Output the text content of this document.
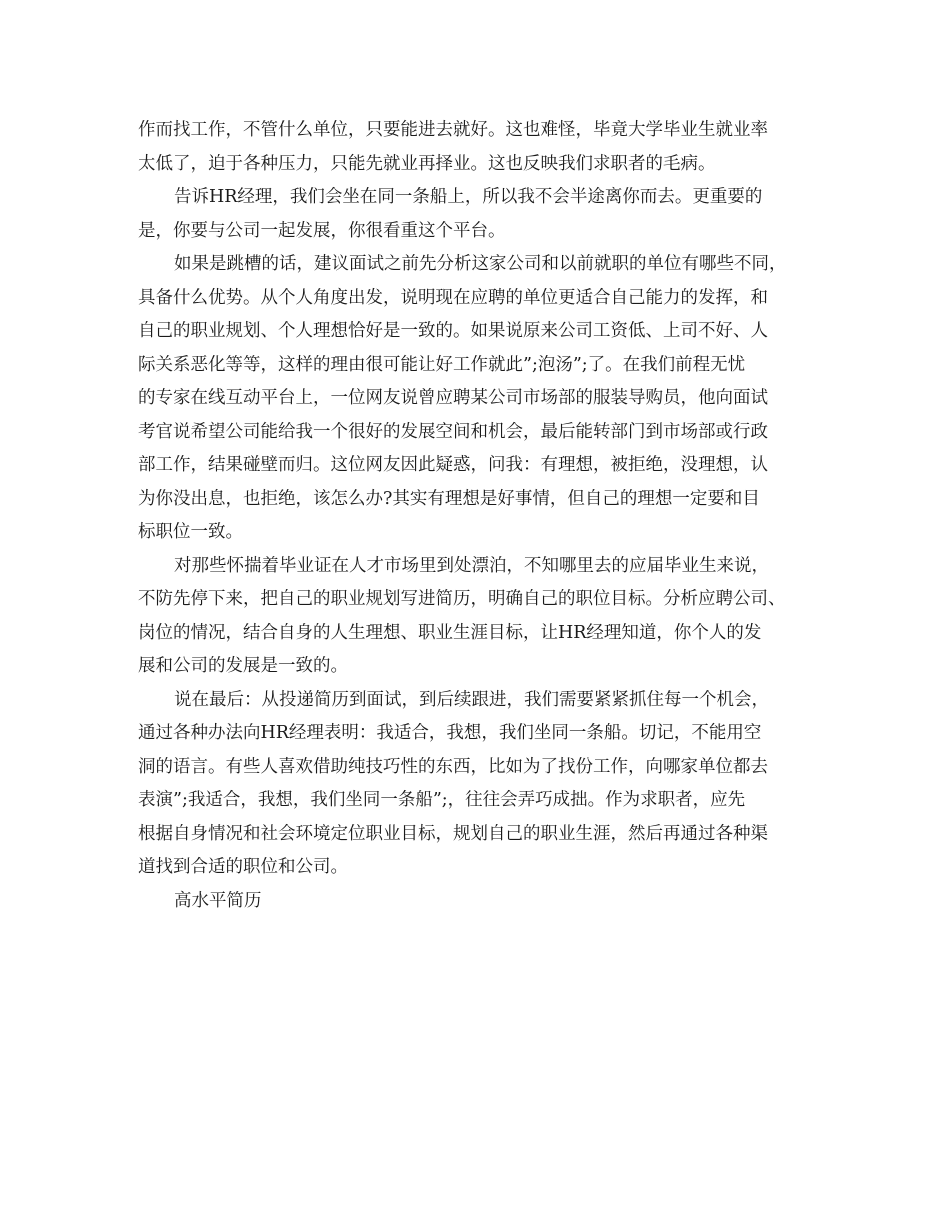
作而找工作，不管什么单位，只要能进去就好。这也难怪，毕竟大学毕业生就业率
太低了，迫于各种压力，只能先就业再择业。这也反映我们求职者的毛病。
告诉HR经理，我们会坐在同一条船上，所以我不会半途离你而去。更重要的
是，你要与公司一起发展，你很看重这个平台。
如果是跳槽的话，建议面试之前先分析这家公司和以前就职的单位有哪些不同，
具备什么优势。从个人角度出发，说明现在应聘的单位更适合自己能力的发挥，和
自己的职业规划、个人理想恰好是一致的。如果说原来公司工资低、上司不好、人
际关系恶化等等，这样的理由很可能让好工作就此”;泡汤”;了。在我们前程无忧
的专家在线互动平台上，一位网友说曾应聘某公司市场部的服装导购员，他向面试
考官说希望公司能给我一个很好的发展空间和机会，最后能转部门到市场部或行政
部工作，结果碰壁而归。这位网友因此疑惑，问我：有理想，被拒绝，没理想，认
为你没出息，也拒绝，该怎么办?其实有理想是好事情，但自己的理想一定要和目
标职位一致。
对那些怀揣着毕业证在人才市场里到处漂泊，不知哪里去的应届毕业生来说，
不防先停下来，把自己的职业规划写进简历，明确自己的职位目标。分析应聘公司、
岗位的情况，结合自身的人生理想、职业生涯目标，让HR经理知道，你个人的发
展和公司的发展是一致的。
说在最后：从投递简历到面试，到后续跟进，我们需要紧紧抓住每一个机会，
通过各种办法向HR经理表明：我适合，我想，我们坐同一条船。切记，不能用空
洞的语言。有些人喜欢借助纯技巧性的东西，比如为了找份工作，向哪家单位都去
表演”;我适合，我想，我们坐同一条船”;，往往会弄巧成拙。作为求职者，应先
根据自身情况和社会环境定位职业目标，规划自己的职业生涯，然后再通过各种渠
道找到合适的职位和公司。
高水平简历
